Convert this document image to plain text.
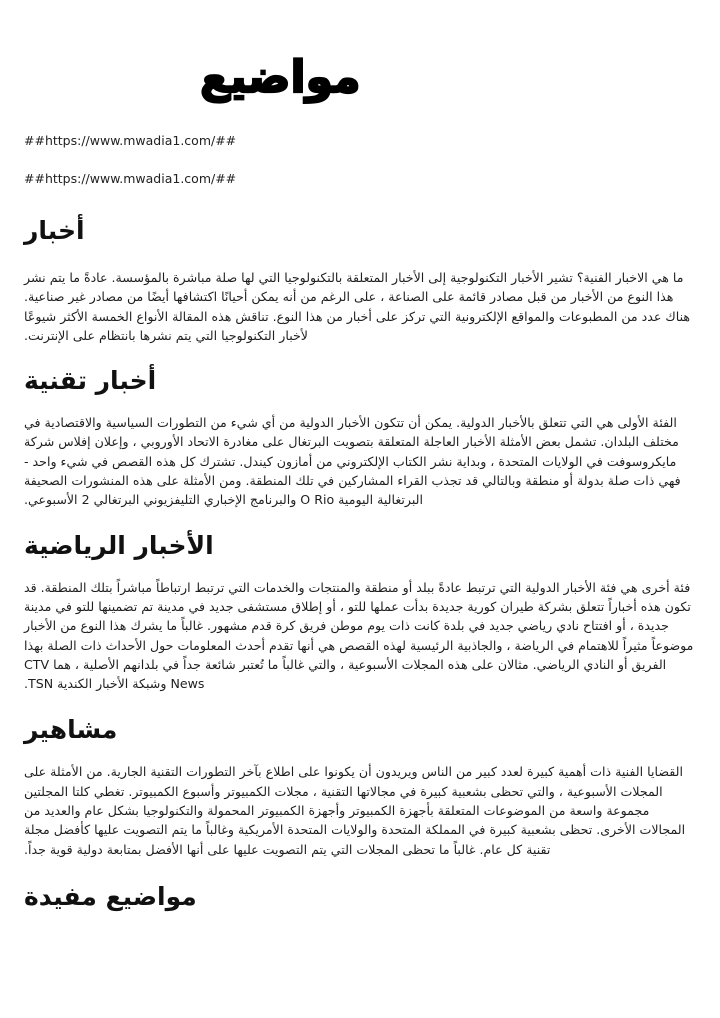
مواضيع
##https://www.mwadia1.com/##
##https://www.mwadia1.com/##
أخبار

ما هي الاخبار الفنية؟ تشير الأخبار التكنولوجية إلى الأخبار المتعلقة بالتكنولوجيا التي لها صلة مباشرة بالمؤسسة. عادةً ما يتم نشر هذا النوع من الأخبار من قبل مصادر قائمة على الصناعة ، على الرغم من أنه يمكن أحيانًا اكتشافها أيضًا من مصادر غير صناعية. هناك عدد من المطبوعات والمواقع الإلكترونية التي تركز على أخبار من هذا النوع. تناقش هذه المقالة الأنواع الخمسة الأكثر شيوعًا لأخبار التكنولوجيا التي يتم نشرها بانتظام على الإنترنت.

أخبار تقنية

الفئة الأولى هي التي تتعلق بالأخبار الدولية. يمكن أن تتكون الأخبار الدولية من أي شيء من التطورات السياسية والاقتصادية في مختلف البلدان. تشمل بعض الأمثلة الأخبار العاجلة المتعلقة بتصويت البرتغال على مغادرة الاتحاد الأوروبي ، وإعلان إفلاس شركة مايكروسوفت في الولايات المتحدة ، وبداية نشر الكتاب الإلكتروني من أمازون كيندل. تشترك كل هذه القصص في شيء واحد - فهي ذات صلة بدولة أو منطقة وبالتالي قد تجذب القراء المشاركين في تلك المنطقة. ومن الأمثلة على هذه المنشورات الصحيفة البرتغالية اليومية O Rio والبرنامج الإخباري التليفزيوني البرتغالي 2 الأسبوعي.

الأخبار الرياضية

فئة أخرى هي فئة الأخبار الدولية التي ترتبط عادةً ببلد أو منطقة والمنتجات والخدمات التي ترتبط ارتباطاً مباشراً بتلك المنطقة. قد تكون هذه أخباراً تتعلق بشركة طيران كورية جديدة بدأت عملها للتو ، أو إطلاق مستشفى جديد في مدينة تم تضمينها للتو في مدينة جديدة ، أو افتتاح نادي رياضي جديد في بلدة كانت ذات يوم موطن فريق كرة قدم مشهور. غالباً ما يشرك هذا النوع من الأخبار موضوعاً مثيراً للاهتمام في الرياضة ، والجاذبية الرئيسية لهذه القصص هي أنها تقدم أحدث المعلومات حول الأحداث ذات الصلة بهذا الفريق أو النادي الرياضي. مثالان على هذه المجلات الأسبوعية ، والتي غالباً ما تُعتبر شائعة جداً في بلدانهم الأصلية ، هما CTV News وشبكة الأخبار الكندية TSN.

مشاهير

القضايا الفنية ذات أهمية كبيرة لعدد كبير من الناس ويريدون أن يكونوا على اطلاع بآخر التطورات التقنية الجارية. من الأمثلة على المجلات الأسبوعية ، والتي تحظى بشعبية كبيرة في مجالاتها التقنية ، مجلات الكمبيوتر وأسبوع الكمبيوتر. تغطي كلتا المجلتين مجموعة واسعة من الموضوعات المتعلقة بأجهزة الكمبيوتر وأجهزة الكمبيوتر المحمولة والتكنولوجيا بشكل عام والعديد من المجالات الأخرى. تحظى بشعبية كبيرة في المملكة المتحدة والولايات المتحدة الأمريكية وغالباً ما يتم التصويت عليها كأفضل مجلة تقنية كل عام. غالباً ما تحظى المجلات التي يتم التصويت عليها على أنها الأفضل بمتابعة دولية قوية جداً.

مواضيع مفيدة
